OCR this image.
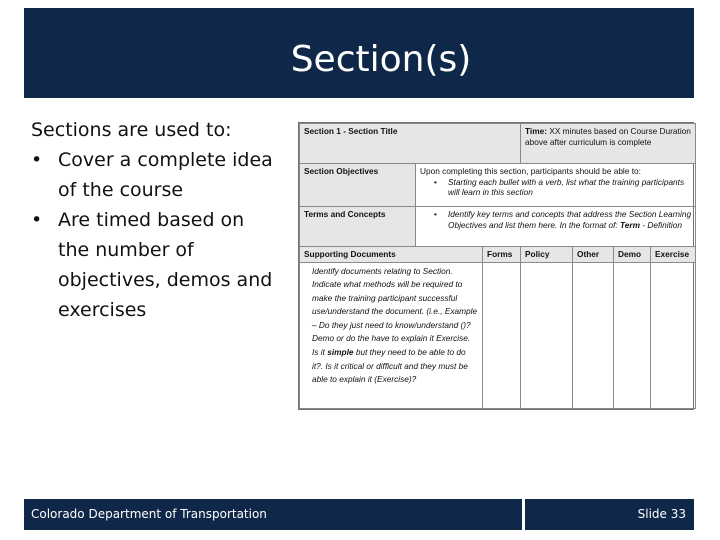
Section(s)
Sections are used to:
• Cover a complete idea of the course
• Are timed based on the number of objectives, demos and exercises
Section 1 - Section Title			Time: XX minutes based on Course Duration above after curriculum is complete			
Section Objectives	Upon completing this section, participants should be able to:
• Starting each bullet with a verb, list what the training participants will learn in this section					

Terms and Concepts	• Identify key terms and concepts that address the Section Learning Objectives and list them here. In the format of: Term - Definition					

Supporting Documents		Forms	Policy	Other	Demo	Exercise
Identify documents relating to Section. Indicate what methods will be required to make the training participant successful use/understand the document. (i.e., Example – Do they just need to know/understand ()? Demo or do the have to explain it Exercise. Is it simple but they need to be able to do it?. Is it critical or difficult and they must be able to explain it (Exercise)?						
Colorado Department of Transportation	Slide 33
